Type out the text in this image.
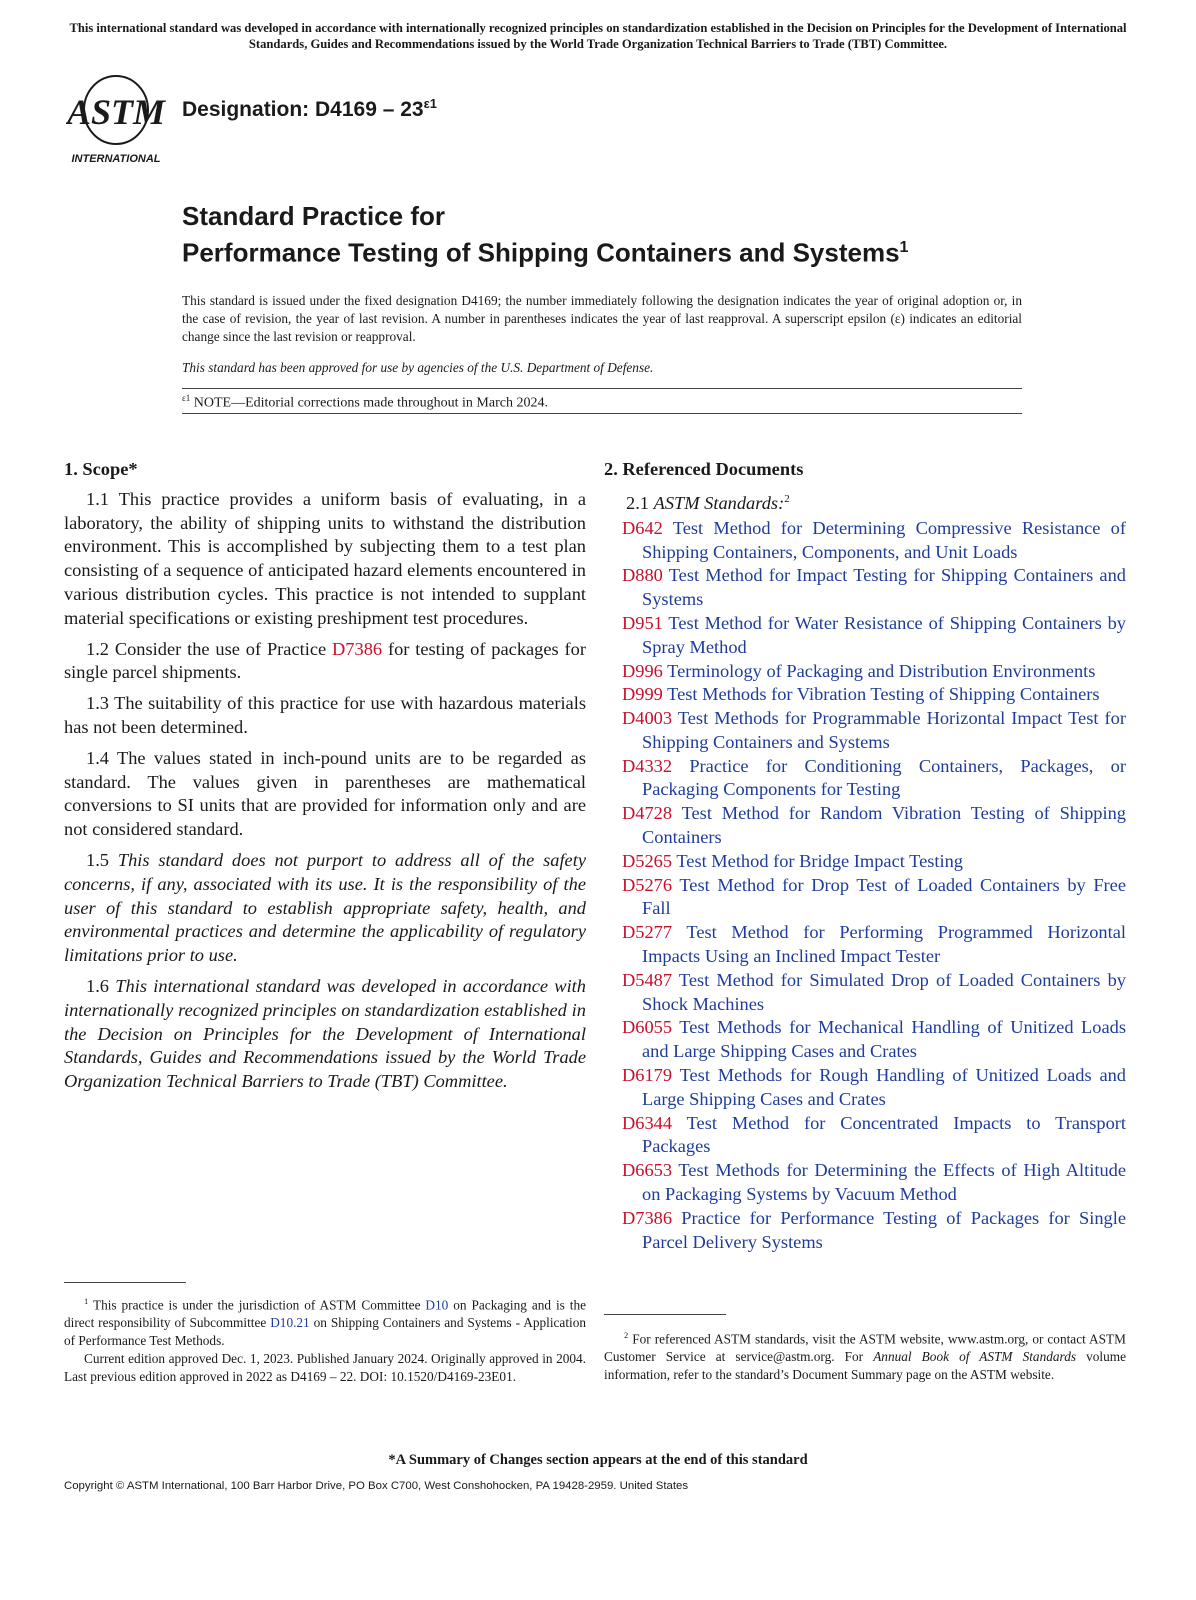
This international standard was developed in accordance with internationally recognized principles on standardization established in the Decision on Principles for the Development of International Standards, Guides and Recommendations issued by the World Trade Organization Technical Barriers to Trade (TBT) Committee.
ASTM
INTERNATIONAL
Designation: $D4169 - 23^{\varepsilon 1}$
Standard Practice for
Performance Testing of Shipping Containers and Systems$^1$
This standard is issued under the fixed designation D4169; the number immediately following the designation indicates the year of original adoption or, in the case of revision, the year of last revision. A number in parentheses indicates the year of last reapproval. A superscript epsilon (ε) indicates an editorial change since the last revision or reapproval.
This standard has been approved for use by agencies of the U.S. Department of Defense.
$^{\varepsilon 1}$ NOTE—Editorial corrections made throughout in March 2024.
1. Scope*

1.1 This practice provides a uniform basis of evaluating, in a laboratory, the ability of shipping units to withstand the distribution environment. This is accomplished by subjecting them to a test plan consisting of a sequence of anticipated hazard elements encountered in various distribution cycles. This practice is not intended to supplant material specifications or existing preshipment test procedures.

1.2 Consider the use of Practice D7386 for testing of packages for single parcel shipments.

1.3 The suitability of this practice for use with hazardous materials has not been determined.

1.4 The values stated in inch-pound units are to be regarded as standard. The values given in parentheses are mathematical conversions to SI units that are provided for information only and are not considered standard.

1.5 This standard does not purport to address all of the safety concerns, if any, associated with its use. It is the responsibility of the user of this standard to establish appropriate safety, health, and environmental practices and determine the applicability of regulatory limitations prior to use.

1.6 This international standard was developed in accordance with internationally recognized principles on standardization established in the Decision on Principles for the Development of International Standards, Guides and Recommendations issued by the World Trade Organization Technical Barriers to Trade (TBT) Committee.

2. Referenced Documents
2.1 ASTM Standards:$^2$

D642 Test Method for Determining Compressive Resistance of Shipping Containers, Components, and Unit Loads

D880 Test Method for Impact Testing for Shipping Containers and Systems

D951 Test Method for Water Resistance of Shipping Containers by Spray Method

D996 Terminology of Packaging and Distribution Environments

D999 Test Methods for Vibration Testing of Shipping Containers

D4003 Test Methods for Programmable Horizontal Impact Test for Shipping Containers and Systems

D4332 Practice for Conditioning Containers, Packages, or Packaging Components for Testing

D4728 Test Method for Random Vibration Testing of Shipping Containers

D5265 Test Method for Bridge Impact Testing

D5276 Test Method for Drop Test of Loaded Containers by Free Fall

D5277 Test Method for Performing Programmed Horizontal Impacts Using an Inclined Impact Tester

D5487 Test Method for Simulated Drop of Loaded Containers by Shock Machines

D6055 Test Methods for Mechanical Handling of Unitized Loads and Large Shipping Cases and Crates

D6179 Test Methods for Rough Handling of Unitized Loads and Large Shipping Cases and Crates

D6344 Test Method for Concentrated Impacts to Transport Packages

D6653 Test Methods for Determining the Effects of High Altitude on Packaging Systems by Vacuum Method

D7386 Practice for Performance Testing of Packages for Single Parcel Delivery Systems

$^1$ This practice is under the jurisdiction of ASTM Committee D10 on Packaging and is the direct responsibility of Subcommittee D10.21 on Shipping Containers and Systems - Application of Performance Test Methods.

Current edition approved Dec. 1, 2023. Published January 2024. Originally approved in 2004. Last previous edition approved in 2022 as D4169 – 22. DOI: 10.1520/D4169-23E01.

$^2$ For referenced ASTM standards, visit the ASTM website, www.astm.org, or contact ASTM Customer Service at service@astm.org. For Annual Book of ASTM Standards volume information, refer to the standard’s Document Summary page on the ASTM website.

*A Summary of Changes section appears at the end of this standard
Copyright © ASTM International, 100 Barr Harbor Drive, PO Box C700, West Conshohocken, PA 19428-2959. United States
